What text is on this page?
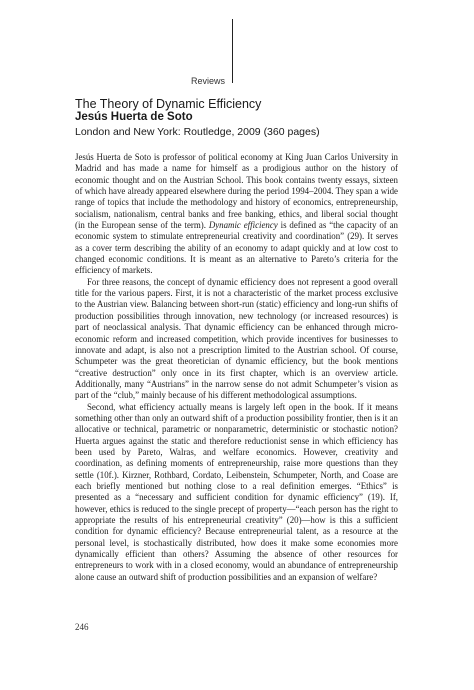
Reviews
The Theory of Dynamic Efficiency
Jesús Huerta de Soto
London and New York: Routledge, 2009 (360 pages)

Jesús Huerta de Soto is professor of political economy at King Juan Carlos University in Madrid and has made a name for himself as a prodigious author on the history of economic thought and on the Austrian School. This book contains twenty essays, sixteen of which have already appeared elsewhere during the period 1994–2004. They span a wide range of topics that include the methodology and history of economics, entrepreneurship, socialism, nationalism, central banks and free banking, ethics, and liberal social thought (in the European sense of the term). Dynamic efficiency is defined as “the capacity of an economic system to stimulate entrepreneurial creativity and coordination” (29). It serves as a cover term describing the ability of an economy to adapt quickly and at low cost to changed economic conditions. It is meant as an alternative to Pareto’s criteria for the efficiency of markets.

For three reasons, the concept of dynamic efficiency does not represent a good overall title for the various papers. First, it is not a characteristic of the market process exclusive to the Austrian view. Balancing between short-run (static) efficiency and long-run shifts of production possibilities through innovation, new technology (or increased resources) is part of neoclassical analysis. That dynamic efficiency can be enhanced through micro-economic reform and increased competition, which provide incentives for businesses to innovate and adapt, is also not a prescription limited to the Austrian school. Of course, Schumpeter was the great theoretician of dynamic efficiency, but the book mentions “creative destruction” only once in its first chapter, which is an overview article. Additionally, many “Austrians” in the narrow sense do not admit Schumpeter’s vision as part of the “club,” mainly because of his different methodological assumptions.

Second, what efficiency actually means is largely left open in the book. If it means something other than only an outward shift of a production possibility frontier, then is it an allocative or technical, parametric or nonparametric, deterministic or stochastic notion? Huerta argues against the static and therefore reductionist sense in which efficiency has been used by Pareto, Walras, and welfare economics. However, creativity and coordination, as defining moments of entrepreneurship, raise more questions than they settle (10f.). Kirzner, Rothbard, Cordato, Leibenstein, Schumpeter, North, and Coase are each briefly mentioned but nothing close to a real definition emerges. “Ethics” is presented as a “necessary and sufficient condition for dynamic efficiency” (19). If, however, ethics is reduced to the single precept of property—“each person has the right to appropriate the results of his entrepreneurial creativity” (20)—how is this a sufficient condition for dynamic efficiency? Because entrepreneurial talent, as a resource at the personal level, is stochastically distributed, how does it make some economies more dynamically efficient than others? Assuming the absence of other resources for entrepreneurs to work with in a closed economy, would an abundance of entrepreneurship alone cause an outward shift of production possibilities and an expansion of welfare?

246
